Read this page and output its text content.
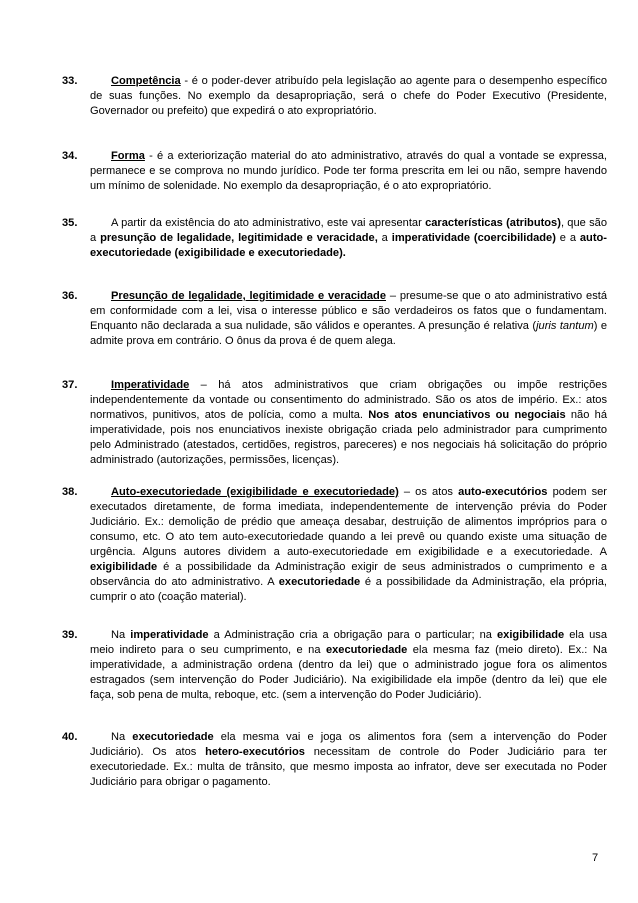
33.	Competência - é o poder-dever atribuído pela legislação ao agente para o desempenho específico de suas funções. No exemplo da desapropriação, será o chefe do Poder Executivo (Presidente, Governador ou prefeito) que expedirá o ato expropriatório.

34.	Forma - é a exteriorização material do ato administrativo, através do qual a vontade se expressa, permanece e se comprova no mundo jurídico. Pode ter forma prescrita em lei ou não, sempre havendo um mínimo de solenidade. No exemplo da desapropriação, é o ato expropriatório.

35.	A partir da existência do ato administrativo, este vai apresentar características (atributos), que são a presunção de legalidade, legitimidade e veracidade, a imperatividade (coercibilidade) e a auto-executoriedade (exigibilidade e executoriedade).

36.	Presunção de legalidade, legitimidade e veracidade – presume-se que o ato administrativo está em conformidade com a lei, visa o interesse público e são verdadeiros os fatos que o fundamentam. Enquanto não declarada a sua nulidade, são válidos e operantes. A presunção é relativa (juris tantum) e admite prova em contrário. O ônus da prova é de quem alega.

37.	Imperatividade – há atos administrativos que criam obrigações ou impõe restrições independentemente da vontade ou consentimento do administrado. São os atos de império. Ex.: atos normativos, punitivos, atos de polícia, como a multa. Nos atos enunciativos ou negociais não há imperatividade, pois nos enunciativos inexiste obrigação criada pelo administrador para cumprimento pelo Administrado (atestados, certidões, registros, pareceres) e nos negociais há solicitação do próprio administrado (autorizações, permissões, licenças).

38.	Auto-executoriedade (exigibilidade e executoriedade) – os atos auto-executórios podem ser executados diretamente, de forma imediata, independentemente de intervenção prévia do Poder Judiciário. Ex.: demolição de prédio que ameaça desabar, destruição de alimentos impróprios para o consumo, etc. O ato tem auto-executoriedade quando a lei prevê ou quando existe uma situação de urgência. Alguns autores dividem a auto-executoriedade em exigibilidade e a executoriedade. A exigibilidade é a possibilidade da Administração exigir de seus administrados o cumprimento e a observância do ato administrativo. A executoriedade é a possibilidade da Administração, ela própria, cumprir o ato (coação material).

39.	Na imperatividade a Administração cria a obrigação para o particular; na exigibilidade ela usa meio indireto para o seu cumprimento, e na executoriedade ela mesma faz (meio direto). Ex.: Na imperatividade, a administração ordena (dentro da lei) que o administrado jogue fora os alimentos estragados (sem intervenção do Poder Judiciário). Na exigibilidade ela impõe (dentro da lei) que ele faça, sob pena de multa, reboque, etc. (sem a intervenção do Poder Judiciário).

40.	Na executoriedade ela mesma vai e joga os alimentos fora (sem a intervenção do Poder Judiciário). Os atos hetero-executórios necessitam de controle do Poder Judiciário para ter executoriedade. Ex.: multa de trânsito, que mesmo imposta ao infrator, deve ser executada no Poder Judiciário para obrigar o pagamento.

7
